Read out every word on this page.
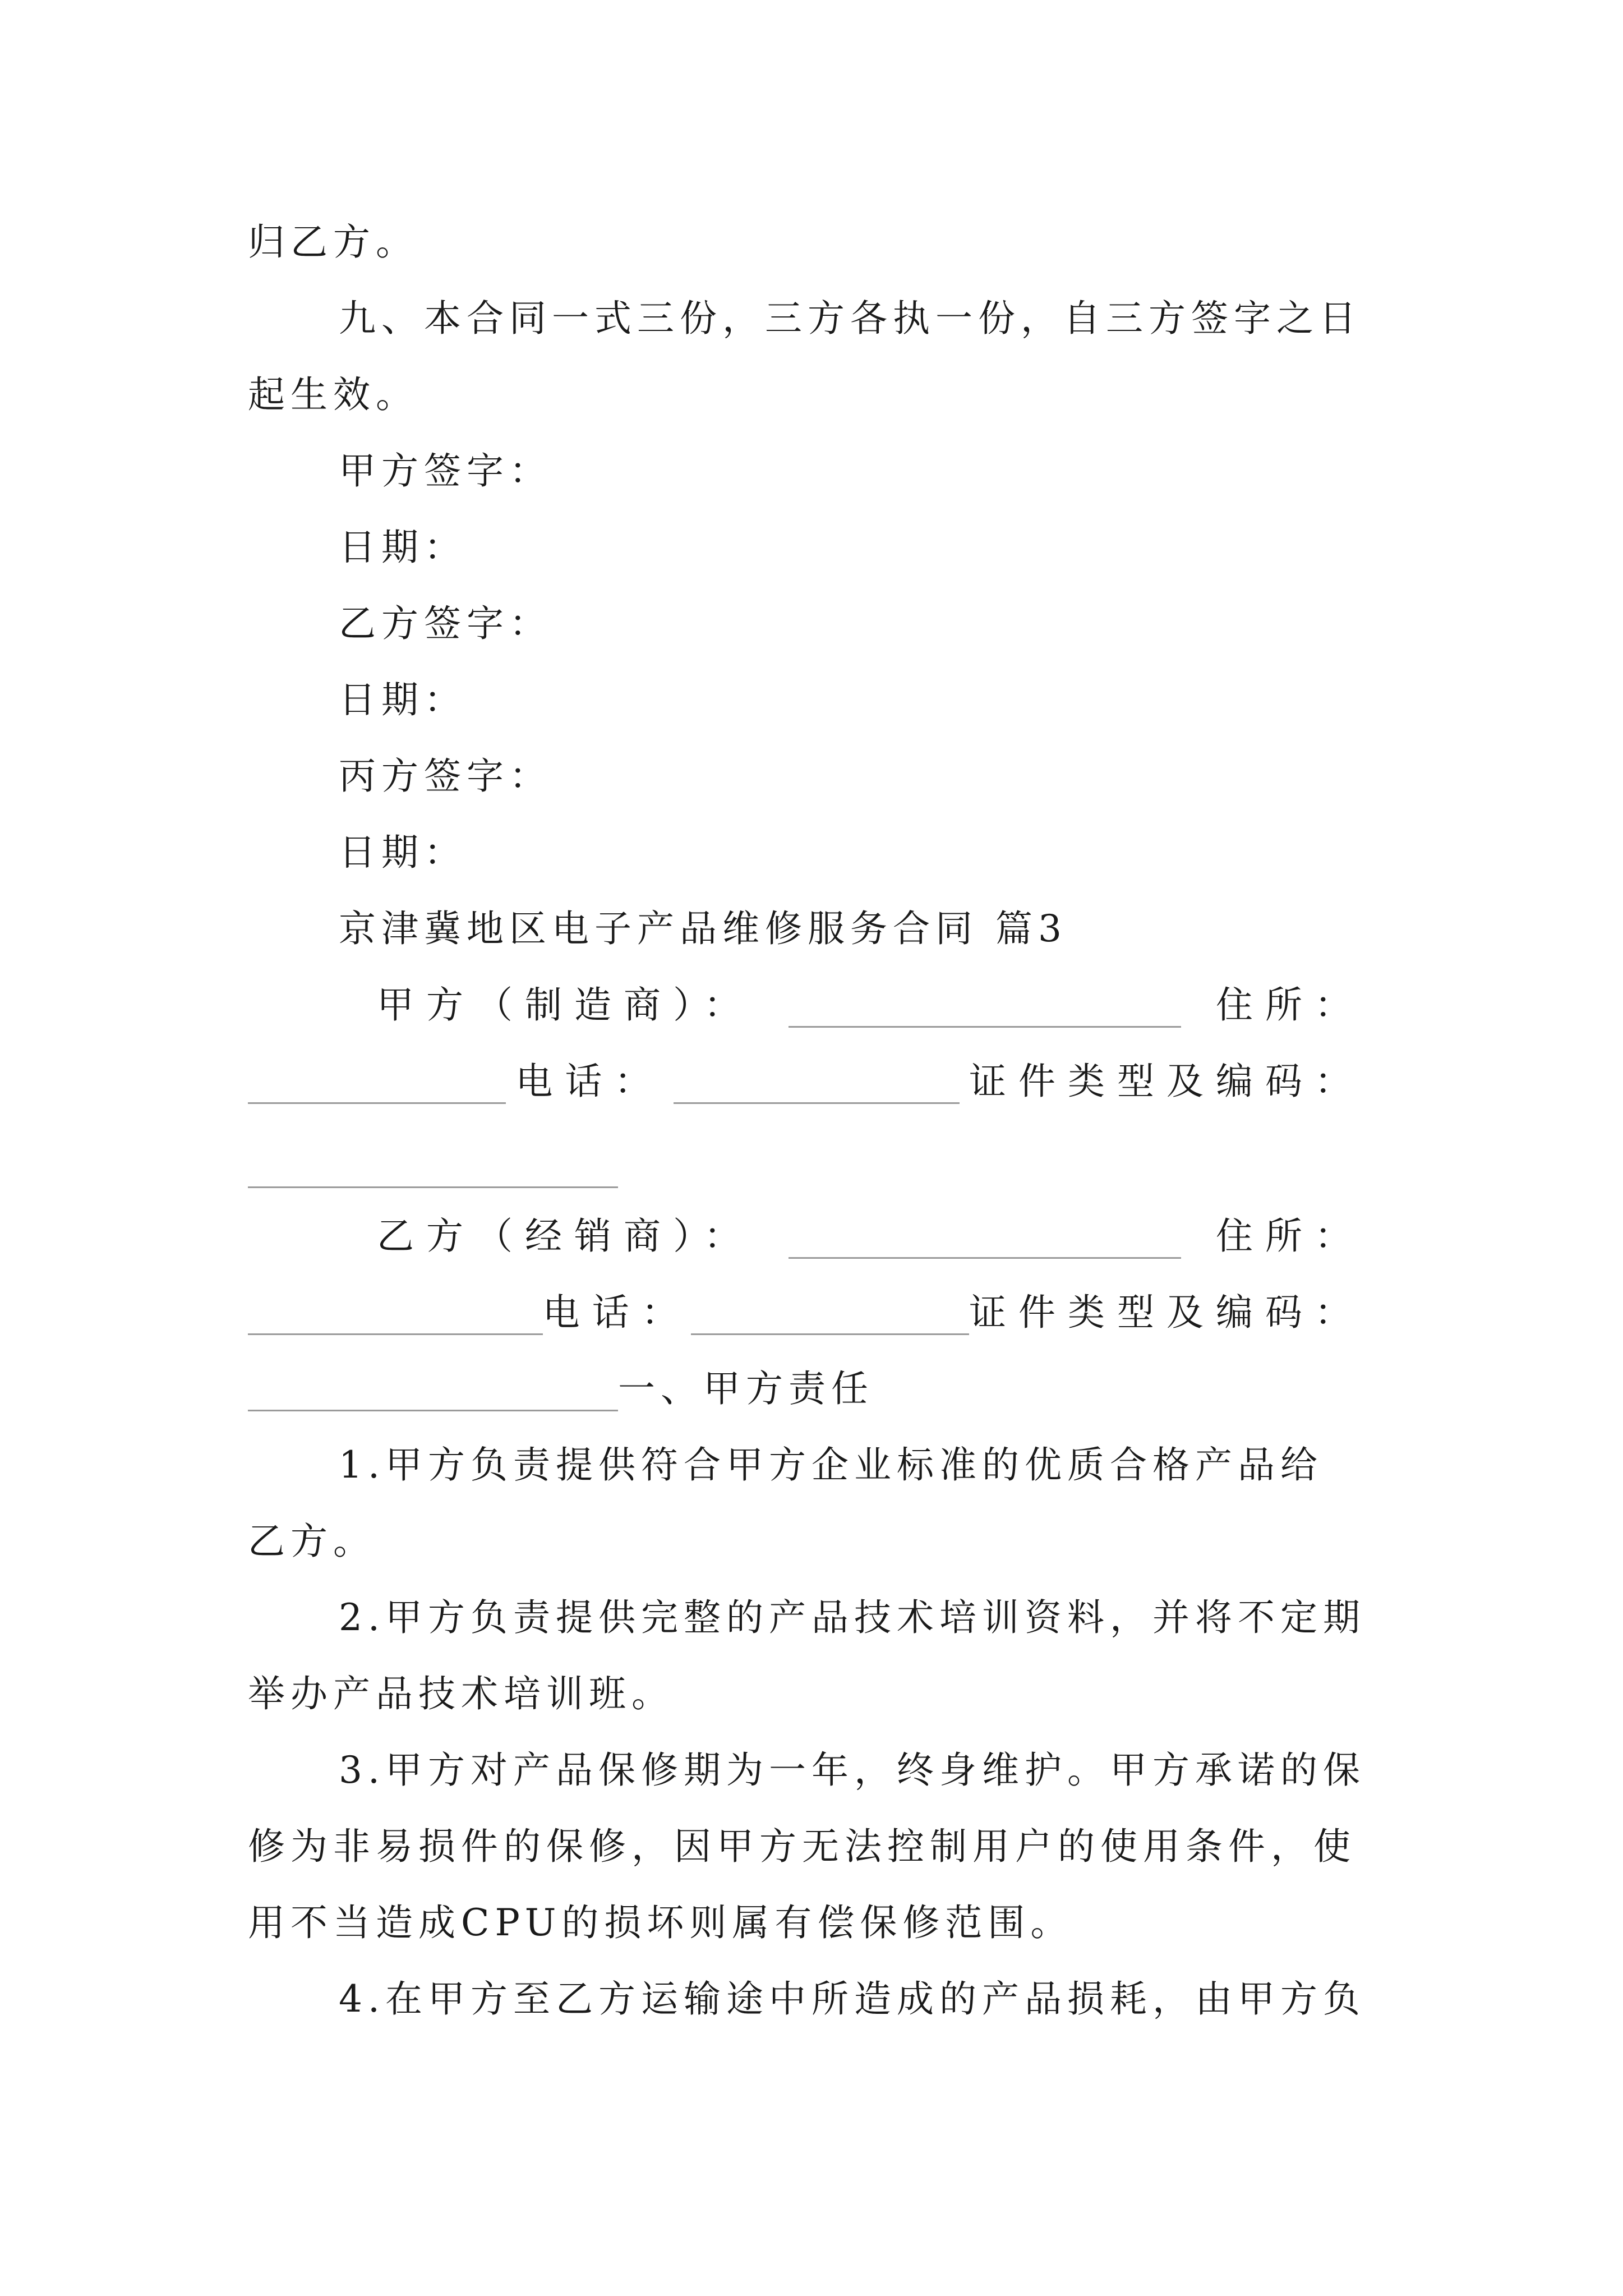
归乙方。
九、本合同一式三份，三方各执一份，自三方签字之日
起生效。
甲方签字：
日期：
乙方签字：
日期：
丙方签字：
日期：
京津冀地区电子产品维修服务合同 篇3
甲方（制造商）：	住所：
电话：	证件类型及编码：
乙方（经销商）：	住所：
电话：	证件类型及编码：
一、甲方责任
1.甲方负责提供符合甲方企业标准的优质合格产品给
乙方。
2.甲方负责提供完整的产品技术培训资料，并将不定期
举办产品技术培训班。
3.甲方对产品保修期为一年，终身维护。甲方承诺的保
修为非易损件的保修，因甲方无法控制用户的使用条件，使
用不当造成CPU的损坏则属有偿保修范围。
4.在甲方至乙方运输途中所造成的产品损耗，由甲方负
